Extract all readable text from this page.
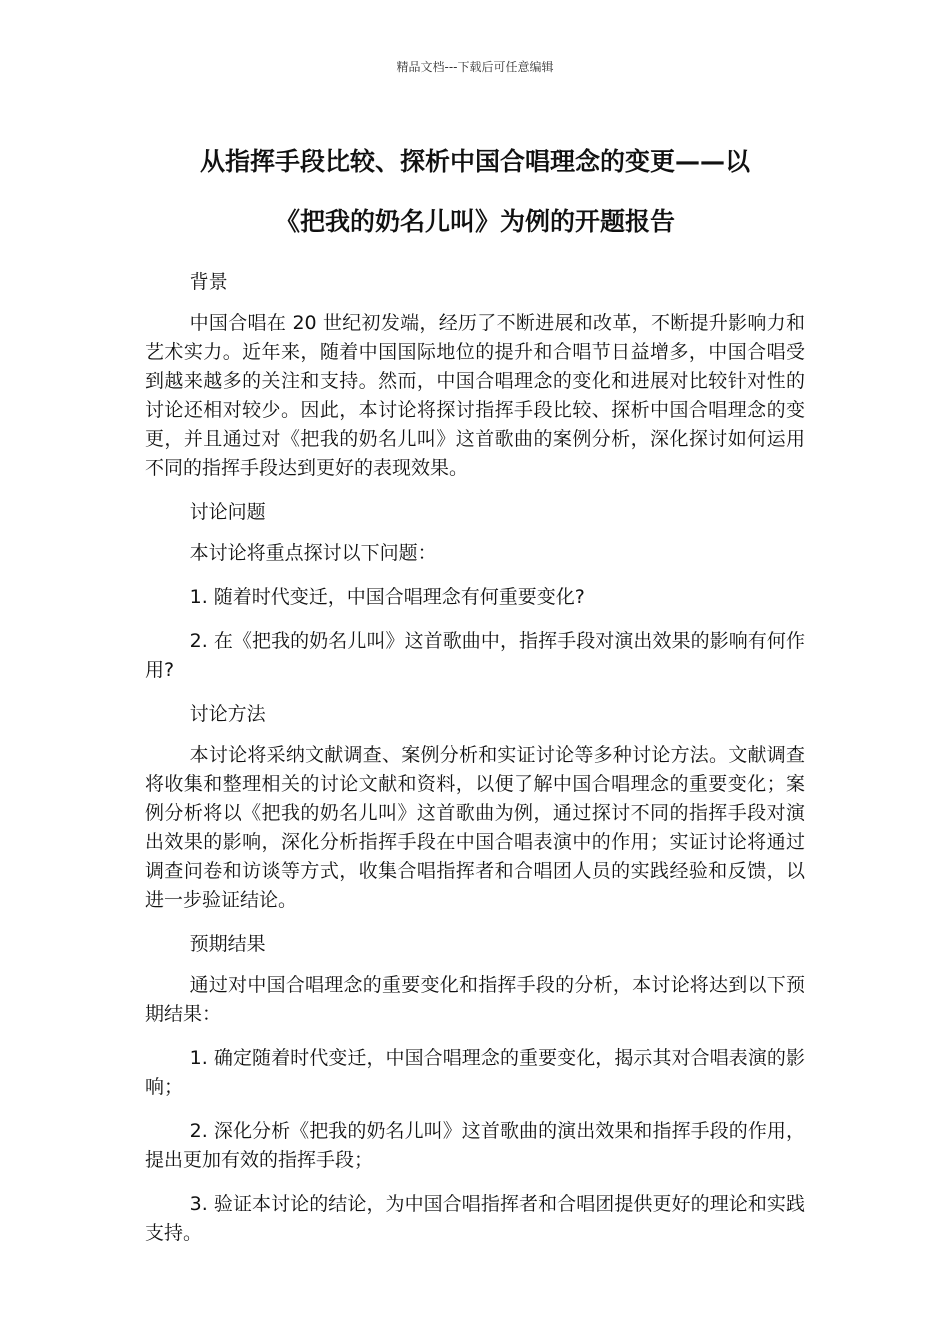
精品文档---下载后可任意编辑
从指挥手段比较、探析中国合唱理念的变更——以
《把我的奶名儿叫》为例的开题报告

背景

中国合唱在 20 世纪初发端，经历了不断进展和改革，不断提升影响力和艺术实力。近年来，随着中国国际地位的提升和合唱节日益增多，中国合唱受到越来越多的关注和支持。然而，中国合唱理念的变化和进展对比较针对性的讨论还相对较少。因此，本讨论将探讨指挥手段比较、探析中国合唱理念的变更，并且通过对《把我的奶名儿叫》这首歌曲的案例分析，深化探讨如何运用不同的指挥手段达到更好的表现效果。

讨论问题

本讨论将重点探讨以下问题：

1. 随着时代变迁，中国合唱理念有何重要变化?

2. 在《把我的奶名儿叫》这首歌曲中，指挥手段对演出效果的影响有何作用?

讨论方法

本讨论将采纳文献调查、案例分析和实证讨论等多种讨论方法。文献调查将收集和整理相关的讨论文献和资料，以便了解中国合唱理念的重要变化；案例分析将以《把我的奶名儿叫》这首歌曲为例，通过探讨不同的指挥手段对演出效果的影响，深化分析指挥手段在中国合唱表演中的作用；实证讨论将通过调查问卷和访谈等方式，收集合唱指挥者和合唱团人员的实践经验和反馈，以进一步验证结论。

预期结果

通过对中国合唱理念的重要变化和指挥手段的分析，本讨论将达到以下预期结果：

1. 确定随着时代变迁，中国合唱理念的重要变化，揭示其对合唱表演的影响；

2. 深化分析《把我的奶名儿叫》这首歌曲的演出效果和指挥手段的作用，提出更加有效的指挥手段；

3. 验证本讨论的结论，为中国合唱指挥者和合唱团提供更好的理论和实践支持。
